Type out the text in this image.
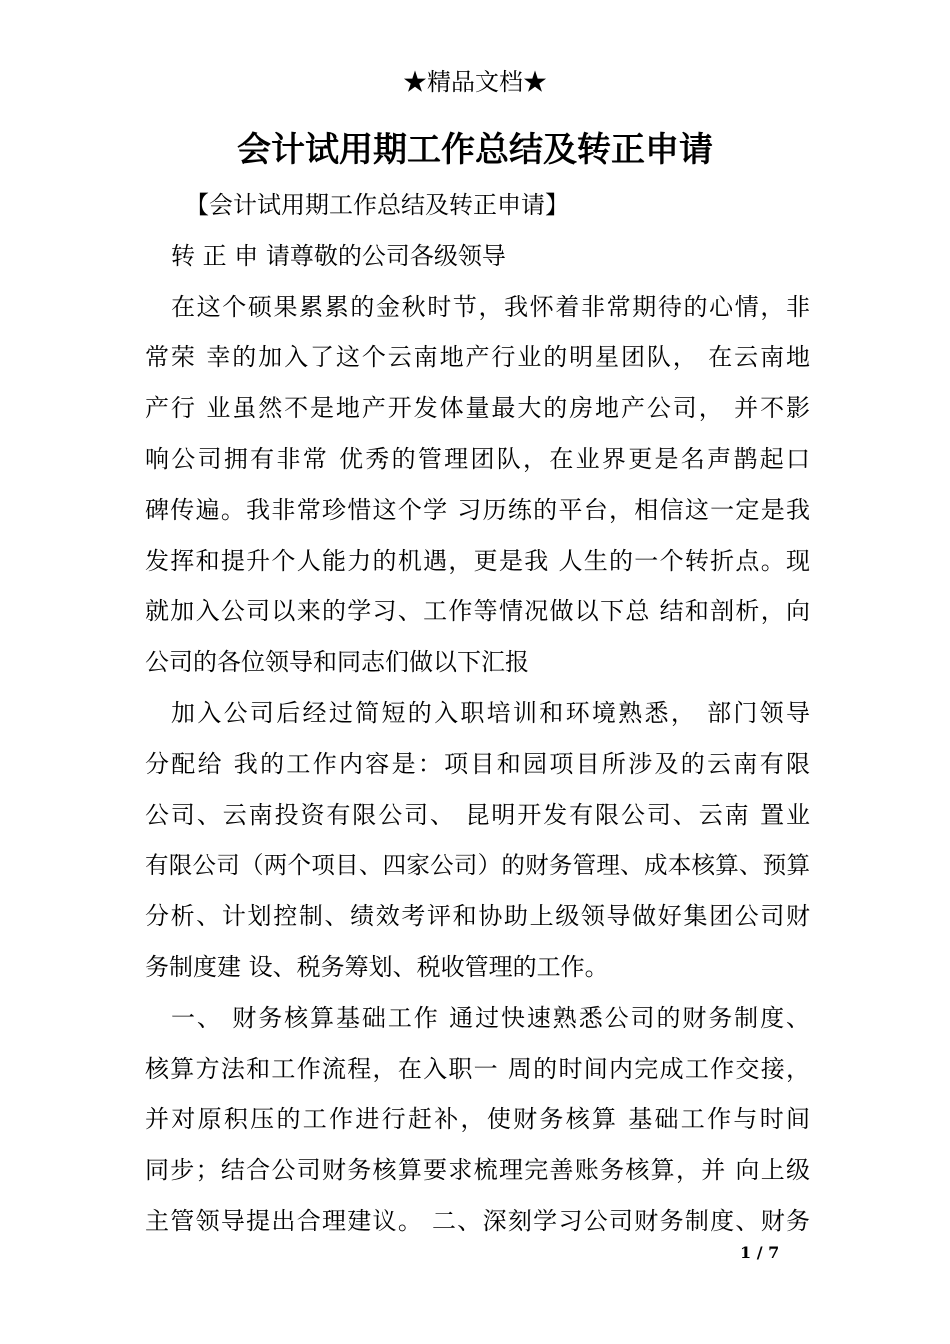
★精品文档★
会计试用期工作总结及转正申请
【会计试用期工作总结及转正申请】
转 正 申 请尊敬的公司各级领导
在这个硕果累累的金秋时节，我怀着非常期待的心情，非
常荣 幸的加入了这个云南地产行业的明星团队， 在云南地
产行 业虽然不是地产开发体量最大的房地产公司， 并不影
响公司拥有非常 优秀的管理团队，在业界更是名声鹊起口
碑传遍。我非常珍惜这个学 习历练的平台，相信这一定是我
发挥和提升个人能力的机遇，更是我 人生的一个转折点。现
就加入公司以来的学习、工作等情况做以下总 结和剖析，向
公司的各位领导和同志们做以下汇报
加入公司后经过简短的入职培训和环境熟悉， 部门领导
分配给 我的工作内容是：项目和园项目所涉及的云南有限
公司、云南投资有限公司、 昆明开发有限公司、云南 置业
有限公司（两个项目、四家公司）的财务管理、成本核算、预算
分析、计划控制、绩效考评和协助上级领导做好集团公司财
务制度建 设、税务筹划、税收管理的工作。
一、 财务核算基础工作 通过快速熟悉公司的财务制度、
核算方法和工作流程，在入职一 周的时间内完成工作交接，
并对原积压的工作进行赶补，使财务核算 基础工作与时间
同步；结合公司财务核算要求梳理完善账务核算，并 向上级
主管领导提出合理建议。 二、深刻学习公司财务制度、财务
1 / 7
